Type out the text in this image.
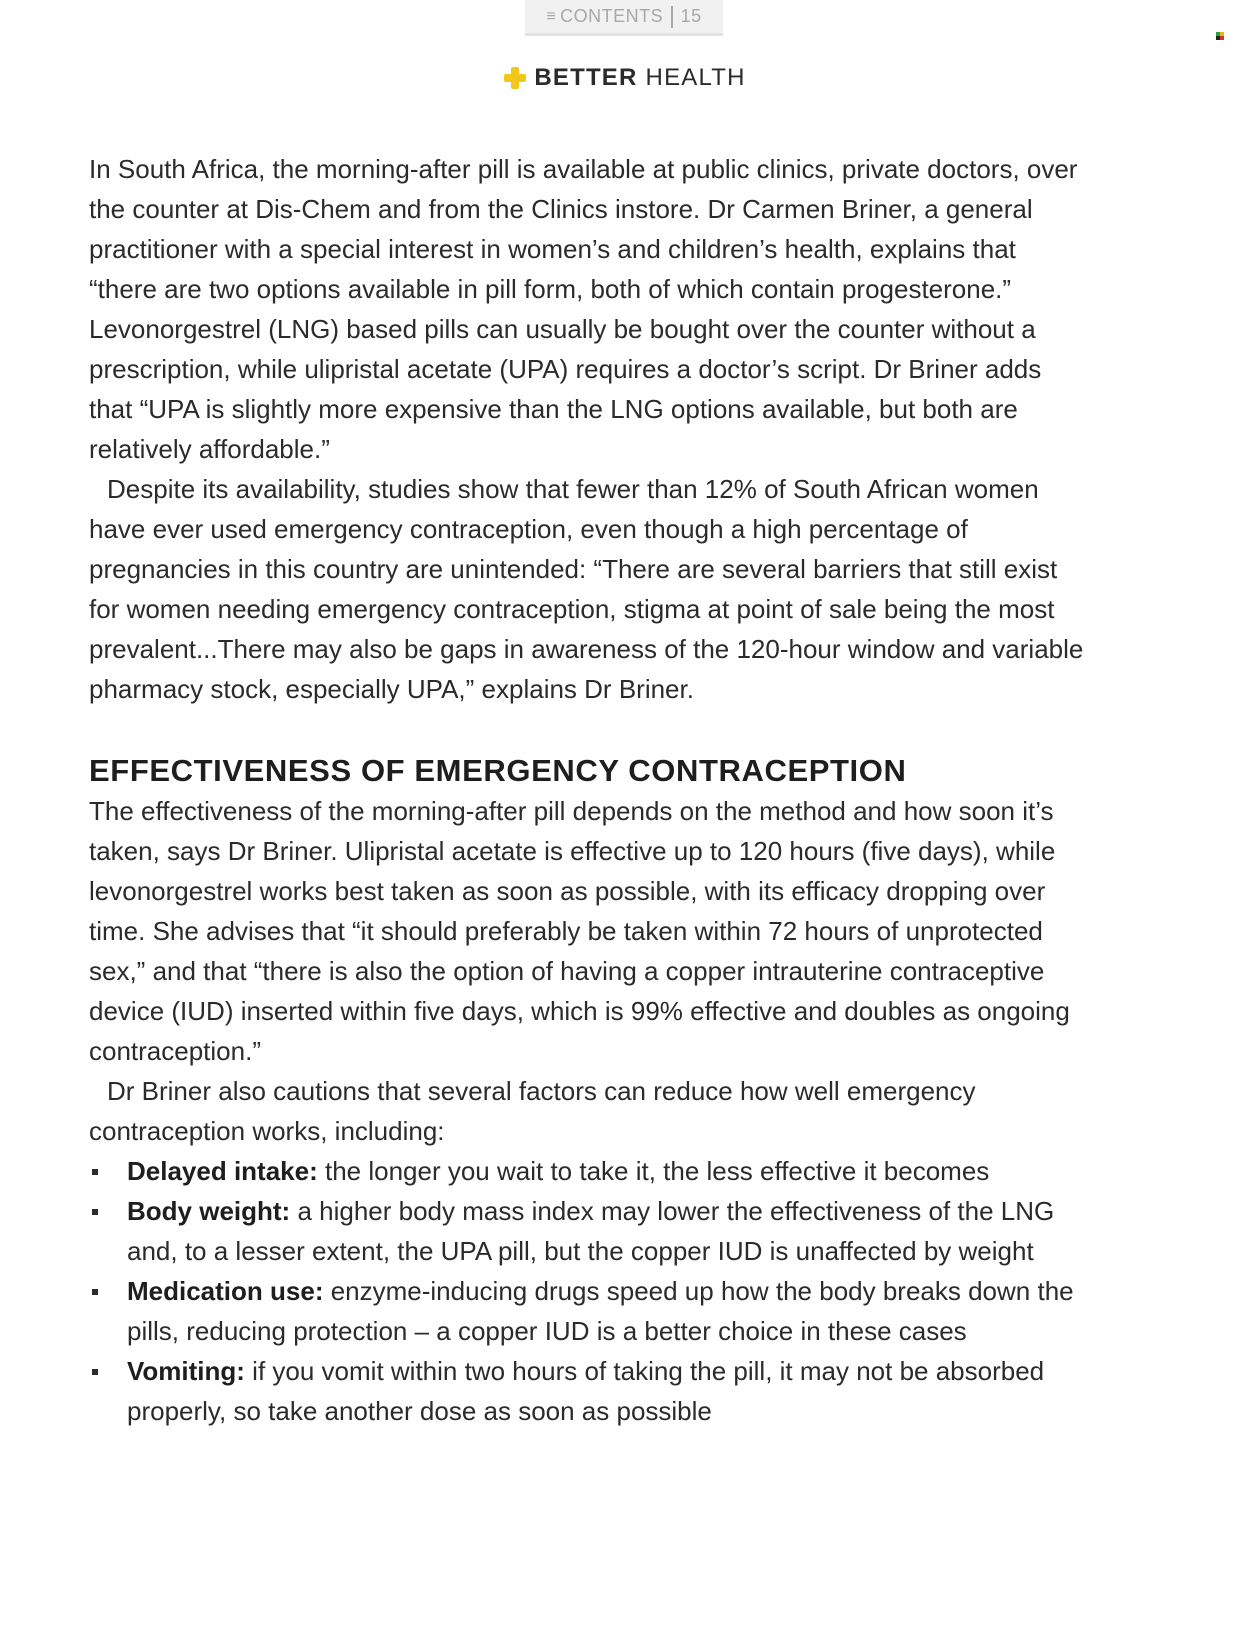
≡ CONTENTS 15
BETTER HEALTH

In South Africa, the morning-after pill is available at public clinics, private doctors, over the counter at Dis-Chem and from the Clinics instore. Dr Carmen Briner, a general practitioner with a special interest in women’s and children’s health, explains that “there are two options available in pill form, both of which contain progesterone.” Levonorgestrel (LNG) based pills can usually be bought over the counter without a prescription, while ulipristal acetate (UPA) requires a doctor’s script. Dr Briner adds that “UPA is slightly more expensive than the LNG options available, but both are relatively affordable.”

Despite its availability, studies show that fewer than 12% of South African women have ever used emergency contraception, even though a high percentage of pregnancies in this country are unintended: “There are several barriers that still exist for women needing emergency contraception, stigma at point of sale being the most prevalent...There may also be gaps in awareness of the 120-hour window and variable pharmacy stock, especially UPA,” explains Dr Briner.

EFFECTIVENESS OF EMERGENCY CONTRACEPTION

The effectiveness of the morning-after pill depends on the method and how soon it’s taken, says Dr Briner. Ulipristal acetate is effective up to 120 hours (five days), while levonorgestrel works best taken as soon as possible, with its efficacy dropping over time. She advises that “it should preferably be taken within 72 hours of unprotected sex,” and that “there is also the option of having a copper intrauterine contraceptive device (IUD) inserted within five days, which is 99% effective and doubles as ongoing contraception.”

Dr Briner also cautions that several factors can reduce how well emergency contraception works, including:

Delayed intake: the longer you wait to take it, the less effective it becomes
Body weight: a higher body mass index may lower the effectiveness of the LNG and, to a lesser extent, the UPA pill, but the copper IUD is unaffected by weight
Medication use: enzyme-inducing drugs speed up how the body breaks down the pills, reducing protection – a copper IUD is a better choice in these cases
Vomiting: if you vomit within two hours of taking the pill, it may not be absorbed properly, so take another dose as soon as possible
